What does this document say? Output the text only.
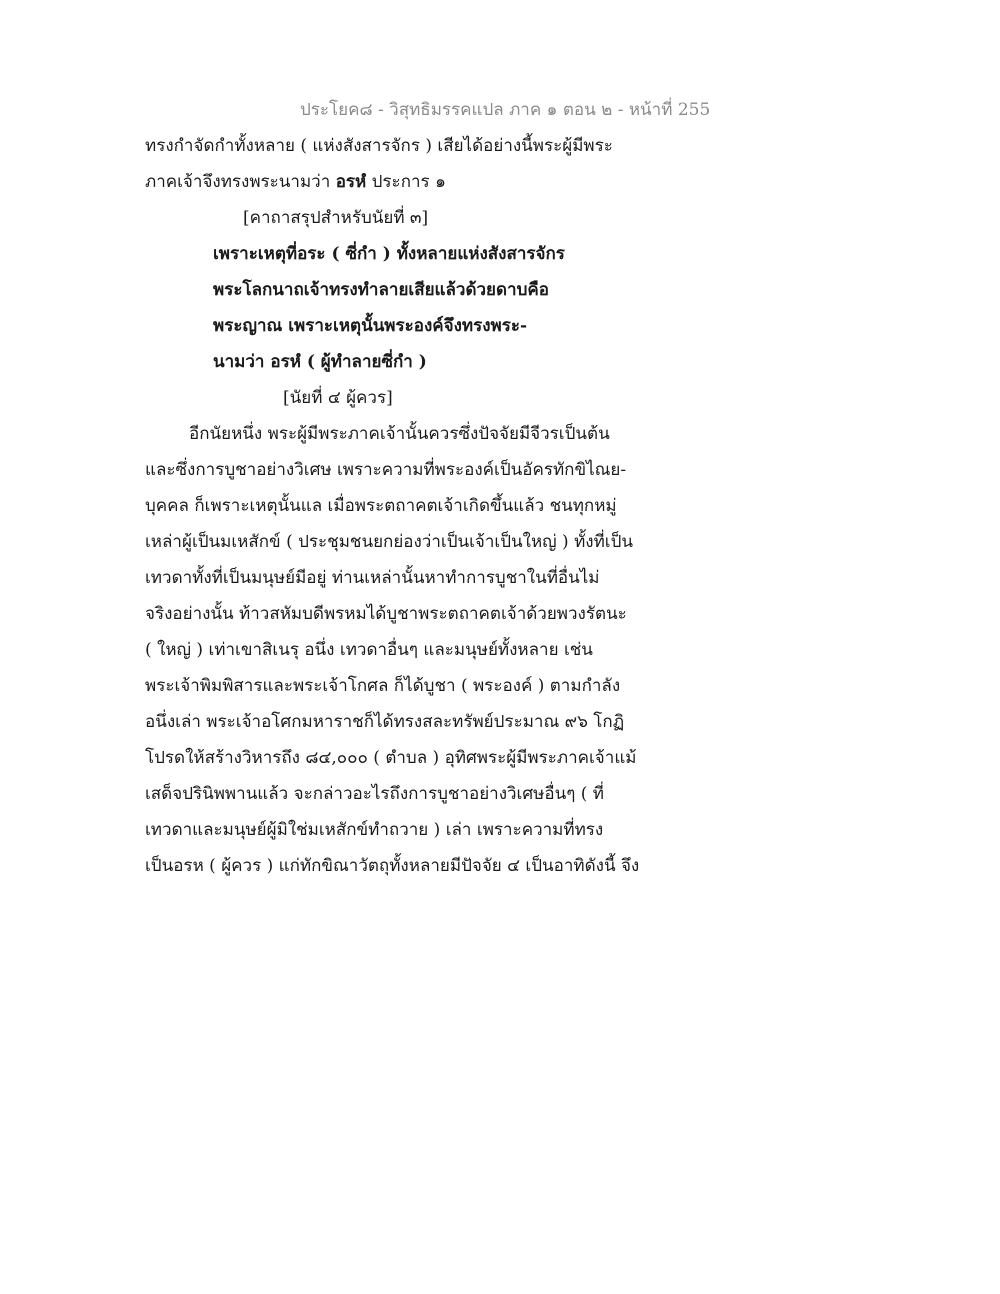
ประโยค๘ - วิสุทธิมรรคแปล ภาค ๑ ตอน ๒ - หน้าที่ 255
ทรงกำจัดกำทั้งหลาย ( แห่งสังสารจักร ) เสียได้อย่างนี้พระผู้มีพระ
ภาคเจ้าจึงทรงพระนามว่า อรหํ ประการ ๑
[คาถาสรุปสำหรับนัยที่ ๓]
เพราะเหตุที่อระ ( ซี่กำ ) ทั้งหลายแห่งสังสารจักร
พระโลกนาถเจ้าทรงทำลายเสียแล้วด้วยดาบคือ
พระญาณ เพราะเหตุนั้นพระองค์จึงทรงพระ-
นามว่า อรหํ ( ผู้ทำลายซี่กำ )
[นัยที่ ๔ ผู้ควร]
อีกนัยหนึ่ง พระผู้มีพระภาคเจ้านั้นควรซึ่งปัจจัยมีจีวรเป็นต้น
และซึ่งการบูชาอย่างวิเศษ เพราะความที่พระองค์เป็นอัครทักขิไณย-
บุคคล ก็เพราะเหตุนั้นแล เมื่อพระตถาคตเจ้าเกิดขึ้นแล้ว ชนทุกหมู่
เหล่าผู้เป็นมเหสักข์ ( ประชุมชนยกย่องว่าเป็นเจ้าเป็นใหญ่ ) ทั้งที่เป็น
เทวดาทั้งที่เป็นมนุษย์มีอยู่ ท่านเหล่านั้นหาทำการบูชาในที่อื่นไม่
จริงอย่างนั้น ท้าวสหัมบดีพรหมได้บูชาพระตถาคตเจ้าด้วยพวงรัตนะ
( ใหญ่ ) เท่าเขาสิเนรุ อนึ่ง เทวดาอื่นๆ และมนุษย์ทั้งหลาย เช่น
พระเจ้าพิมพิสารและพระเจ้าโกศล ก็ได้บูชา ( พระองค์ ) ตามกำลัง
อนึ่งเล่า พระเจ้าอโศกมหาราชก็ได้ทรงสละทรัพย์ประมาณ ๙๖ โกฏิ
โปรดให้สร้างวิหารถึง ๘๔,๐๐๐ ( ตำบล ) อุทิศพระผู้มีพระภาคเจ้าแม้
เสด็จปรินิพพานแล้ว จะกล่าวอะไรถึงการบูชาอย่างวิเศษอื่นๆ ( ที่
เทวดาและมนุษย์ผู้มิใช่มเหสักข์ทำถวาย ) เล่า เพราะความที่ทรง
เป็นอรห ( ผู้ควร ) แก่ทักขิณาวัตถุทั้งหลายมีปัจจัย ๔ เป็นอาทิดังนี้ จึง
